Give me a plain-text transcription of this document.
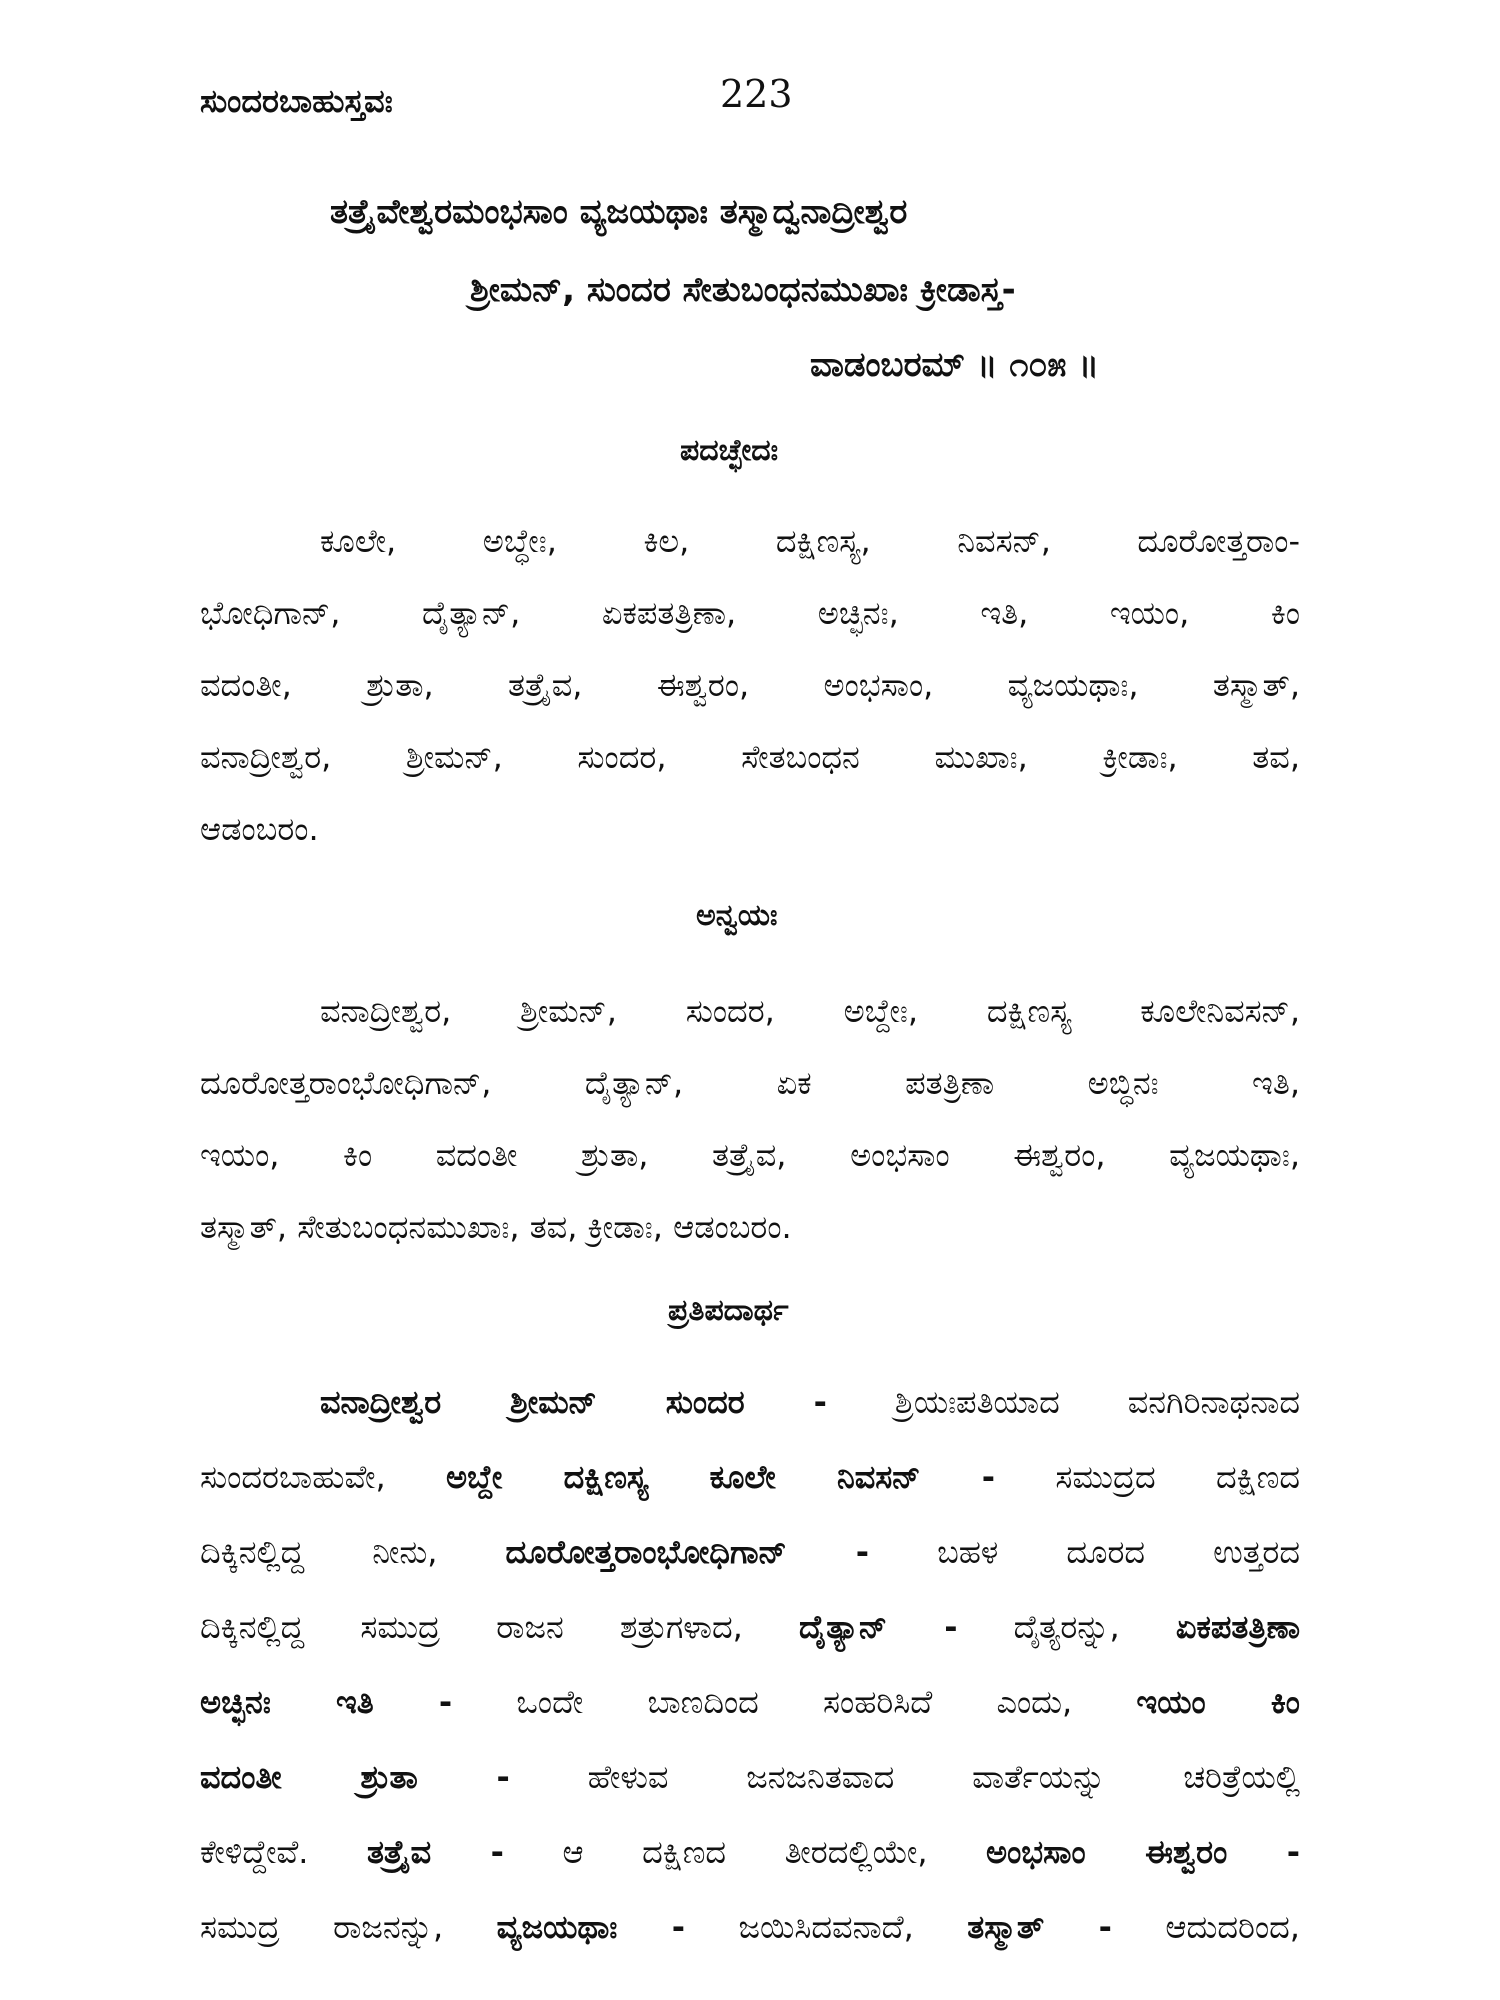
ಸುಂದರಬಾಹುಸ್ತವಃ	223
ತತ್ರೈವೇಶ್ವರಮಂಭಸಾಂ ವ್ಯಜಯಥಾಃ ತಸ್ಮಾದ್ವನಾದ್ರೀಶ್ವರ
ಶ್ರೀಮನ್, ಸುಂದರ ಸೇತುಬಂಧನಮುಖಾಃ ಕ್ರೀಡಾಸ್ತ-
ವಾಡಂಬರಮ್ ॥ ೧೦೫ ॥
ಪದಚ್ಛೇದಃ
ಕೂಲೇ, ಅಬ್ಧೇಃ, ಕಿಲ, ದಕ್ಷಿಣಸ್ಯ, ನಿವಸನ್, ದೂರೋತ್ತರಾಂ-
ಭೋಧಿಗಾನ್, ದೈತ್ಯಾನ್, ಏಕಪತತ್ರಿಣಾ, ಅಚ್ಛಿನಃ, ಇತಿ, ಇಯಂ, ಕಿಂ
ವದಂತೀ, ಶ್ರುತಾ, ತತ್ರೈವ, ಈಶ್ವರಂ, ಅಂಭಸಾಂ, ವ್ಯಜಯಥಾಃ, ತಸ್ಮಾತ್,
ವನಾದ್ರೀಶ್ವರ, ಶ್ರೀಮನ್, ಸುಂದರ, ಸೇತಬಂಧನ ಮುಖಾಃ, ಕ್ರೀಡಾಃ, ತವ,
ಆಡಂಬರಂ.
ಅನ್ವಯಃ
ವನಾದ್ರೀಶ್ವರ, ಶ್ರೀಮನ್, ಸುಂದರ, ಅಬ್ದೇಃ, ದಕ್ಷಿಣಸ್ಯ ಕೂಲೇನಿವಸನ್,
ದೂರೋತ್ತರಾಂಭೋಧಿಗಾನ್, ದೈತ್ಯಾನ್, ಏಕ ಪತತ್ರಿಣಾ ಅಬ್ಧಿನಃ ಇತಿ,
ಇಯಂ, ಕಿಂ ವದಂತೀ ಶ್ರುತಾ, ತತ್ರೈವ, ಅಂಭಸಾಂ ಈಶ್ವರಂ, ವ್ಯಜಯಥಾಃ,
ತಸ್ಮಾತ್, ಸೇತುಬಂಧನಮುಖಾಃ, ತವ, ಕ್ರೀಡಾಃ, ಆಡಂಬರಂ.
ಪ್ರತಿಪದಾರ್ಥ
ವನಾದ್ರೀಶ್ವರ ಶ್ರೀಮನ್ ಸುಂದರ - ಶ್ರಿಯಃಪತಿಯಾದ ವನಗಿರಿನಾಥನಾದ
ಸುಂದರಬಾಹುವೇ, ಅಬ್ದೇ ದಕ್ಷಿಣಸ್ಯ ಕೂಲೇ ನಿವಸನ್ - ಸಮುದ್ರದ ದಕ್ಷಿಣದ
ದಿಕ್ಕಿನಲ್ಲಿದ್ದ ನೀನು, ದೂರೋತ್ತರಾಂಭೋಧಿಗಾನ್ - ಬಹಳ ದೂರದ ಉತ್ತರದ
ದಿಕ್ಕಿನಲ್ಲಿದ್ದ ಸಮುದ್ರ ರಾಜನ ಶತ್ರುಗಳಾದ, ದೈತ್ಯಾನ್ - ದೈತ್ಯರನ್ನು, ಏಕಪತತ್ರಿಣಾ
ಅಚ್ಛಿನಃ ಇತಿ - ಒಂದೇ ಬಾಣದಿಂದ ಸಂಹರಿಸಿದೆ ಎಂದು, ಇಯಂ ಕಿಂ
ವದಂತೀ ಶ್ರುತಾ - ಹೇಳುವ ಜನಜನಿತವಾದ ವಾರ್ತೆಯನ್ನು ಚರಿತ್ರೆಯಲ್ಲಿ
ಕೇಳಿದ್ದೇವೆ. ತತ್ರೈವ - ಆ ದಕ್ಷಿಣದ ತೀರದಲ್ಲಿಯೇ, ಅಂಭಸಾಂ ಈಶ್ವರಂ -
ಸಮುದ್ರ ರಾಜನನ್ನು, ವ್ಯಜಯಥಾಃ - ಜಯಿಸಿದವನಾದೆ, ತಸ್ಮಾತ್ - ಆದುದರಿಂದ,
